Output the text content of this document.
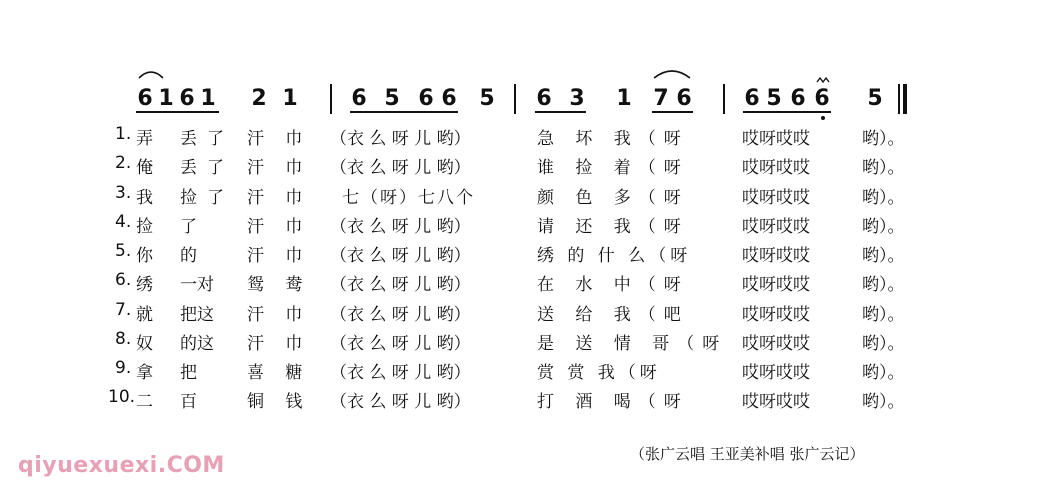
6 1 6 1 2 1 6 5 6 6 5 6 3 1 7 6 6 5 6 6 5
1. 弄 丢了 汗 巾 （衣 么 呀 儿 哟）	急 坏 我（呀	哎呀哎哎	哟）。
2. 俺 丢了 汗 巾 （衣 么 呀 儿 哟）	谁 捡 着（呀	哎呀哎哎	哟）。
3. 我 捡了 汗 巾 七（呀）七八个	颜 色 多（呀	哎呀哎哎	哟）。
4. 捡 了	汗 巾 （衣 么 呀 儿 哟）	请 还 我（呀	哎呀哎哎	哟）。
5. 你 的	汗 巾 （衣 么 呀 儿 哟）	绣 的 什 么（呀	哎呀哎哎	哟）。
6. 绣 一对 鸳 鸯 （衣 么 呀 儿 哟）	在 水 中（呀	哎呀哎哎	哟）。
7. 就 把这 汗 巾 （衣 么 呀 儿 哟）	送 给 我（吧	哎呀哎哎	哟）。
8. 奴 的这 汗 巾 （衣 么 呀 儿 哟）	是 送 情 哥（呀 哎呀哎哎	哟）。
9. 拿 把	喜 糖 （衣 么 呀 儿 哟）	赏 赏 我（呀	哎呀哎哎	哟）。
10. 二 百	铜 钱 （衣 么 呀 儿 哟）	打 酒 喝（呀	哎呀哎哎	哟）。
（张广云唱 王亚美补唱 张广云记）
qiyuexuexi.COM
